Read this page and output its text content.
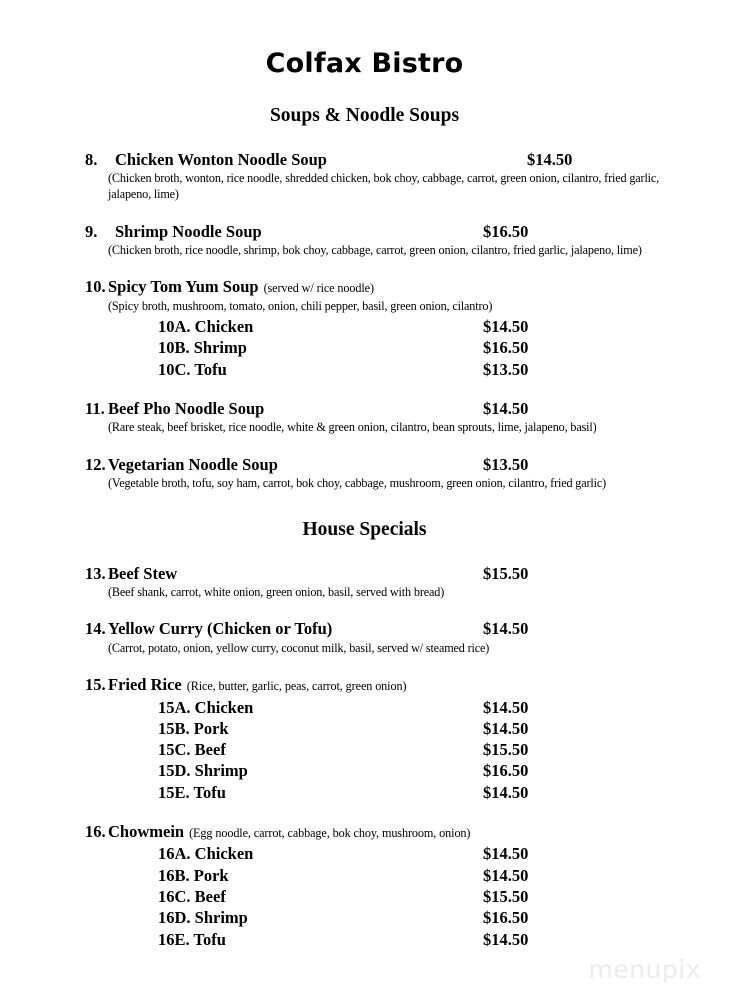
Colfax Bistro
Soups & Noodle Soups
8. Chicken Wonton Noodle Soup	$14.50
(Chicken broth, wonton, rice noodle, shredded chicken, bok choy, cabbage, carrot, green onion, cilantro, fried garlic, jalapeno, lime)
9. Shrimp Noodle Soup	$16.50
(Chicken broth, rice noodle, shrimp, bok choy, cabbage, carrot, green onion, cilantro, fried garlic, jalapeno, lime)
10. Spicy Tom Yum Soup (served w/ rice noodle)
(Spicy broth, mushroom, tomato, onion, chili pepper, basil, green onion, cilantro)
10A. Chicken	$14.50
10B. Shrimp	$16.50
10C. Tofu	$13.50
11. Beef Pho Noodle Soup	$14.50
(Rare steak, beef brisket, rice noodle, white & green onion, cilantro, bean sprouts, lime, jalapeno, basil)
12. Vegetarian Noodle Soup	$13.50
(Vegetable broth, tofu, soy ham, carrot, bok choy, cabbage, mushroom, green onion, cilantro, fried garlic)
House Specials
13. Beef Stew	$15.50
(Beef shank, carrot, white onion, green onion, basil, served with bread)
14. Yellow Curry (Chicken or Tofu)	$14.50
(Carrot, potato, onion, yellow curry, coconut milk, basil, served w/ steamed rice)
15. Fried Rice (Rice, butter, garlic, peas, carrot, green onion)
15A. Chicken	$14.50
15B. Pork	$14.50
15C. Beef	$15.50
15D. Shrimp	$16.50
15E. Tofu	$14.50
16. Chowmein (Egg noodle, carrot, cabbage, bok choy, mushroom, onion)
16A. Chicken	$14.50
16B. Pork	$14.50
16C. Beef	$15.50
16D. Shrimp	$16.50
16E. Tofu	$14.50
menupix
